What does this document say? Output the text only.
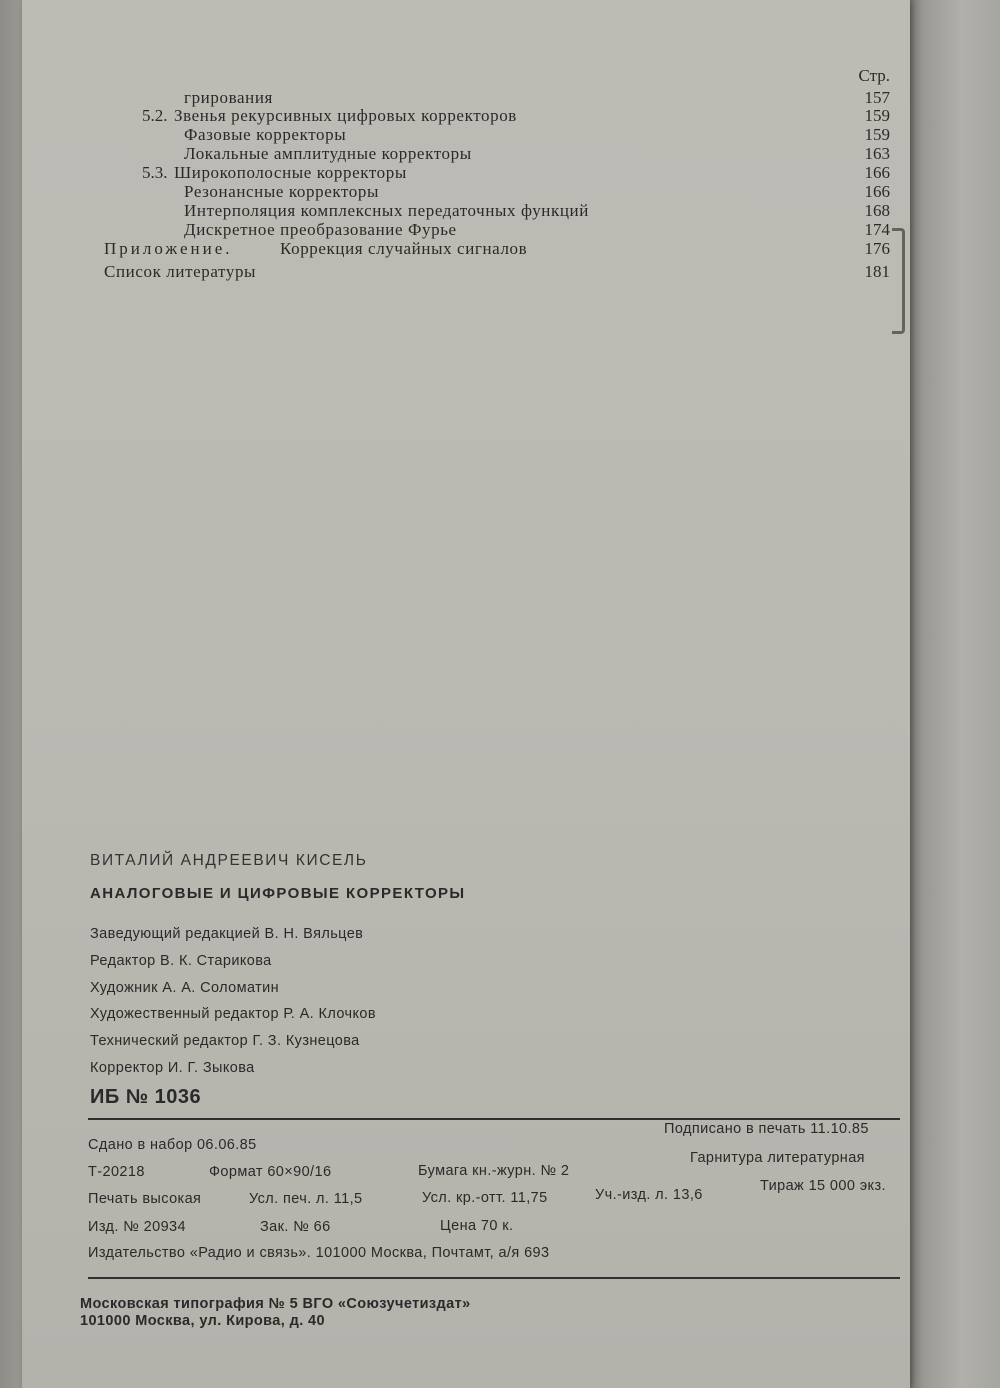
Стр.
грирования	157
5.2. Звенья рекурсивных цифровых корректоров	159
Фазовые корректоры	159
Локальные амплитудные корректоры	163
5.3. Широкополосные корректоры	166
Резонансные корректоры	166
Интерполяция комплексных передаточных функций	168
Дискретное преобразование Фурье	174
Приложение.	Коррекция случайных сигналов	176
Список литературы	181
ВИТАЛИЙ АНДРЕЕВИЧ КИСЕЛЬ
АНАЛОГОВЫЕ И ЦИФРОВЫЕ КОРРЕКТОРЫ
Заведующий редакцией В. Н. Вяльцев
Редактор В. К. Старикова
Художник А. А. Соломатин
Художественный редактор Р. А. Клочков
Технический редактор Г. З. Кузнецова
Корректор И. Г. Зыкова
ИБ № 1036
Сдано в набор 06.06.85
Подписано в печать 11.10.85
Т-20218	Формат 60×90/16	Бумага кн.-журн. № 2
Гарнитура литературная
Печать высокая	Усл. печ. л. 11,5	Усл. кр.-отт. 11,75	Уч.-изд. л. 13,6
Тираж 15 000 экз.
Изд. № 20934	Зак. № 66	Цена 70 к.
Издательство «Радио и связь». 101000 Москва, Почтамт, а/я 693
Московская типография № 5 ВГО «Союзучетиздат»
101000 Москва, ул. Кирова, д. 40
